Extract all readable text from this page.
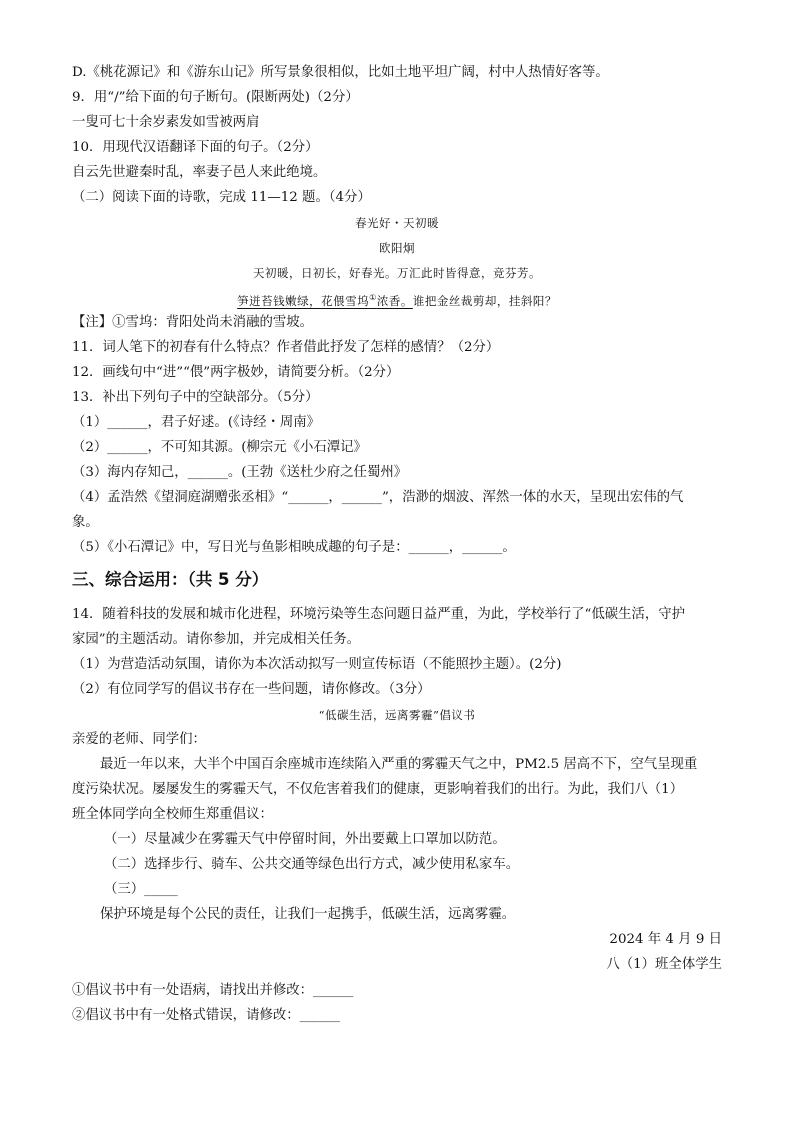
D.《桃花源记》和《游东山记》所写景象很相似，比如土地平坦广阔，村中人热情好客等。
9．用“/”给下面的句子断句。(限断两处)（2分）
一叟可七十余岁素发如雪被两肩
10．用现代汉语翻译下面的句子。（2分）
自云先世避秦时乱，率妻子邑人来此绝境。
（二）阅读下面的诗歌，完成 11—12 题。（4分）
春光好・天初暖
欧阳炯
天初暖，日初长，好春光。万汇此时皆得意，竞芬芳。
笋迸苔钱嫩绿，花偎雪坞①浓香。谁把金丝裁剪却，挂斜阳？
【注】①雪坞：背阳处尚未消融的雪坡。
11．词人笔下的初春有什么特点？作者借此抒发了怎样的感情？（2分）
12．画线句中“进”“偎”两字极妙，请简要分析。（2分）
13．补出下列句子中的空缺部分。（5分）
（1）______，君子好逑。(《诗经・周南》
（2）______，不可知其源。(柳宗元《小石潭记》
（3）海内存知己，______。(王勃《送杜少府之任蜀州》
（4）孟浩然《望洞庭湖赠张丞相》“______，______”，浩渺的烟波、浑然一体的水天，呈现出宏伟的气
象。
（5）《小石潭记》中，写日光与鱼影相映成趣的句子是：______，______。
三、综合运用：（共 5 分）
14．随着科技的发展和城市化进程，环境污染等生态问题日益严重，为此，学校举行了“低碳生活，守护
家园”的主题活动。请你参加，并完成相关任务。
（1）为营造活动氛围，请你为本次活动拟写一则宣传标语（不能照抄主题）。(2分)
（2）有位同学写的倡议书存在一些问题，请你修改。（3分）
“低碳生活，远离雾霾”倡议书
亲爱的老师、同学们：
最近一年以来，大半个中国百余座城市连续陷入严重的雾霾天气之中，PM2.5 居高不下，空气呈现重
度污染状况。屡屡发生的雾霾天气，不仅危害着我们的健康，更影响着我们的出行。为此，我们八（1）
班全体同学向全校师生郑重倡议：
（一）尽量减少在雾霾天气中停留时间，外出要戴上口罩加以防范。
（二）选择步行、骑车、公共交通等绿色出行方式，减少使用私家车。
（三）_____
保护环境是每个公民的责任，让我们一起携手，低碳生活，远离雾霾。
2024 年 4 月 9 日
八（1）班全体学生
①倡议书中有一处语病，请找出并修改：______
②倡议书中有一处格式错误，请修改：______
